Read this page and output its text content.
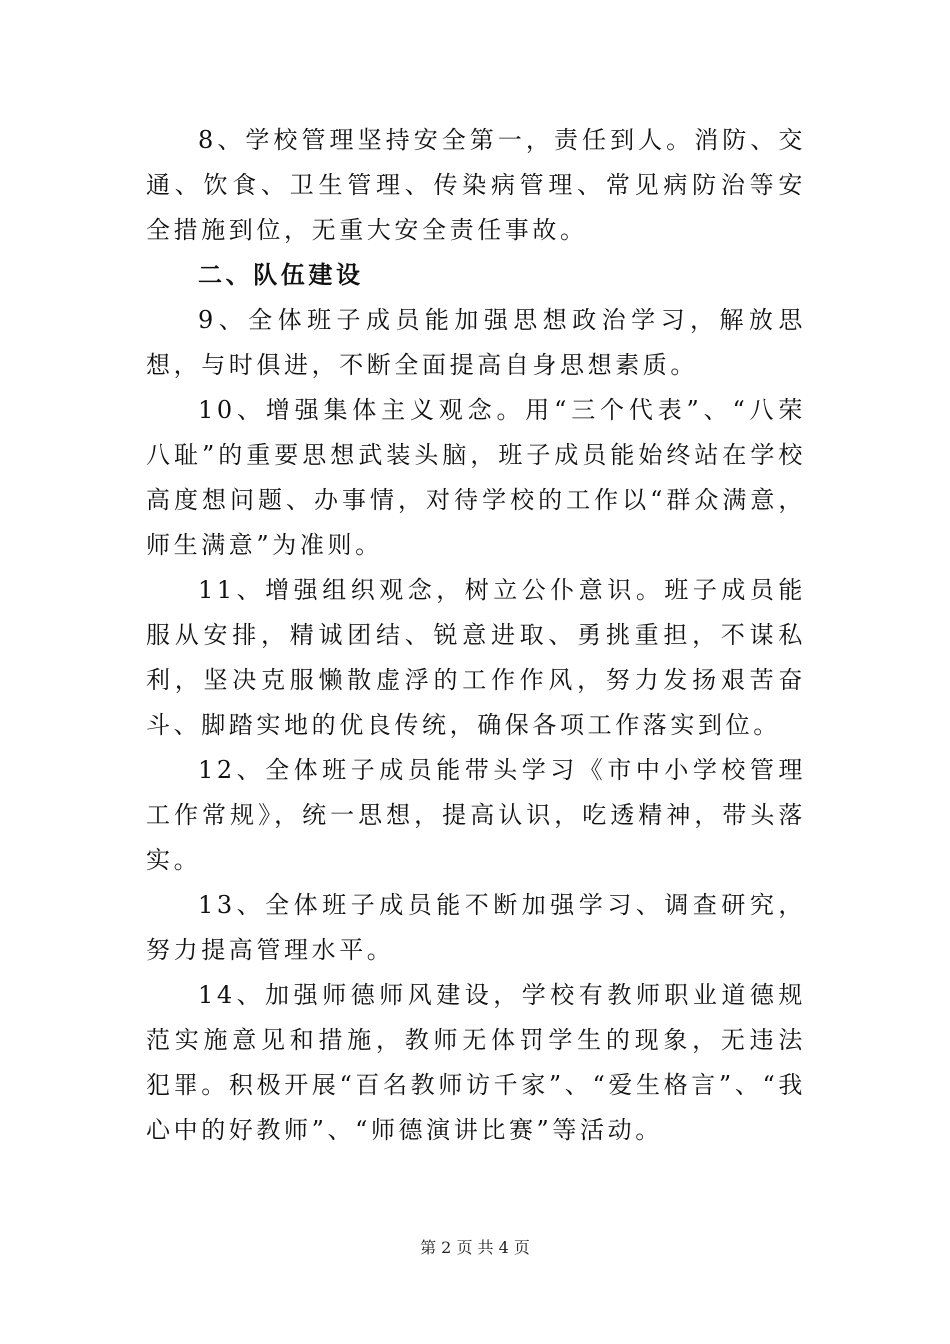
8、学校管理坚持安全第一，责任到人。消防、交通、饮食、卫生管理、传染病管理、常见病防治等安全措施到位，无重大安全责任事故。

二、队伍建设

9、全体班子成员能加强思想政治学习，解放思想，与时俱进，不断全面提高自身思想素质。

10、增强集体主义观念。用“三个代表”、“八荣八耻”的重要思想武装头脑，班子成员能始终站在学校高度想问题、办事情，对待学校的工作以“群众满意，师生满意”为准则。

11、增强组织观念，树立公仆意识。班子成员能服从安排，精诚团结、锐意进取、勇挑重担，不谋私利，坚决克服懒散虚浮的工作作风，努力发扬艰苦奋斗、脚踏实地的优良传统，确保各项工作落实到位。

12、全体班子成员能带头学习《市中小学校管理工作常规》，统一思想，提高认识，吃透精神，带头落实。

13、全体班子成员能不断加强学习、调查研究，努力提高管理水平。

14、加强师德师风建设，学校有教师职业道德规范实施意见和措施，教师无体罚学生的现象，无违法犯罪。积极开展“百名教师访千家”、“爱生格言”、“我心中的好教师”、“师德演讲比赛”等活动。

第 2 页 共 4 页
